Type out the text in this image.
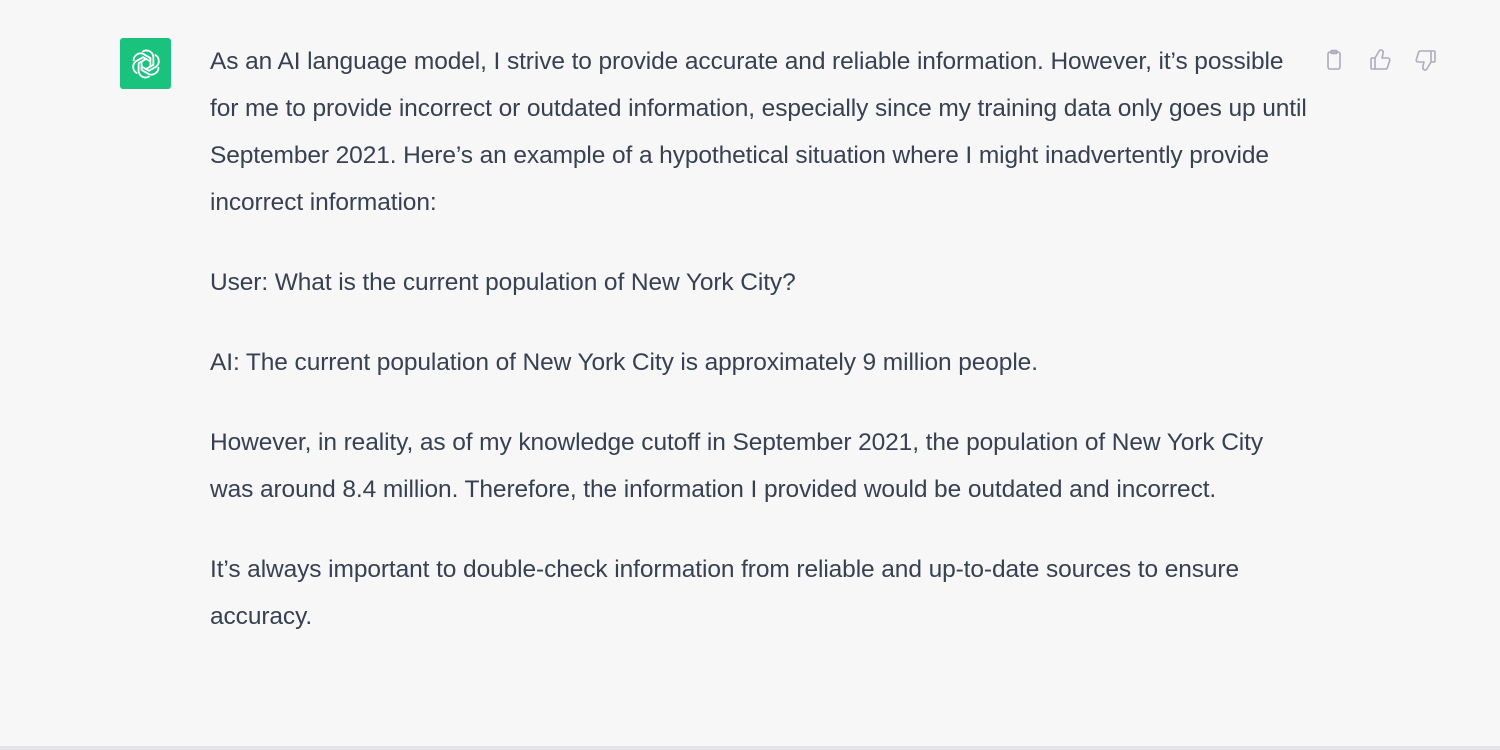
As an AI language model, I strive to provide accurate and reliable information. However, it’s possible for me to provide incorrect or outdated information, especially since my training data only goes up until September 2021. Here’s an example of a hypothetical situation where I might inadvertently provide incorrect information:

User: What is the current population of New York City?

AI: The current population of New York City is approximately 9 million people.

However, in reality, as of my knowledge cutoff in September 2021, the population of New York City was around 8.4 million. Therefore, the information I provided would be outdated and incorrect.

It’s always important to double-check information from reliable and up-to-date sources to ensure accuracy.
